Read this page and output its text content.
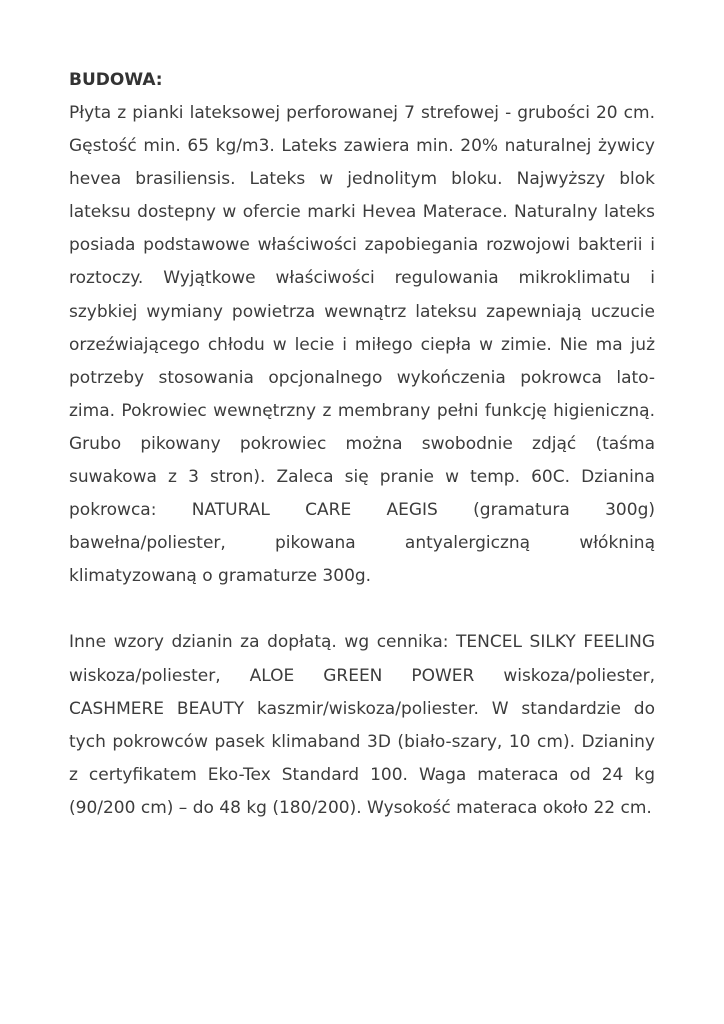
BUDOWA:

Płyta z pianki lateksowej perforowanej 7 strefowej - grubości 20 cm. Gęstość min. 65 kg/m3. Lateks zawiera min. 20% naturalnej żywicy hevea brasiliensis. Lateks w jednolitym bloku. Najwyższy blok lateksu dostepny w ofercie marki Hevea Materace. Naturalny lateks posiada podstawowe właściwości zapobiegania rozwojowi bakterii i roztoczy. Wyjątkowe właściwości regulowania mikroklimatu i szybkiej wymiany powietrza wewnątrz lateksu zapewniają uczucie orzeźwiającego chłodu w lecie i miłego ciepła w zimie. Nie ma już potrzeby stosowania opcjonalnego wykończenia pokrowca lato-zima. Pokrowiec wewnętrzny z membrany pełni funkcję higieniczną. Grubo pikowany pokrowiec można swobodnie zdjąć (taśma suwakowa z 3 stron). Zaleca się pranie w temp. 60C. Dzianina pokrowca: NATURAL CARE AEGIS (gramatura 300g) bawełna/poliester, pikowana antyalergiczną włókniną klimatyzowaną o gramaturze 300g.

Inne wzory dzianin za dopłatą. wg cennika: TENCEL SILKY FEELING wiskoza/poliester, ALOE GREEN POWER wiskoza/poliester, CASHMERE BEAUTY kaszmir/wiskoza/poliester. W standardzie do tych pokrowców pasek klimaband 3D (biało-szary, 10 cm). Dzianiny z certyfikatem Eko-Tex Standard 100. Waga materaca od 24 kg (90/200 cm) – do 48 kg (180/200). Wysokość materaca około 22 cm.
